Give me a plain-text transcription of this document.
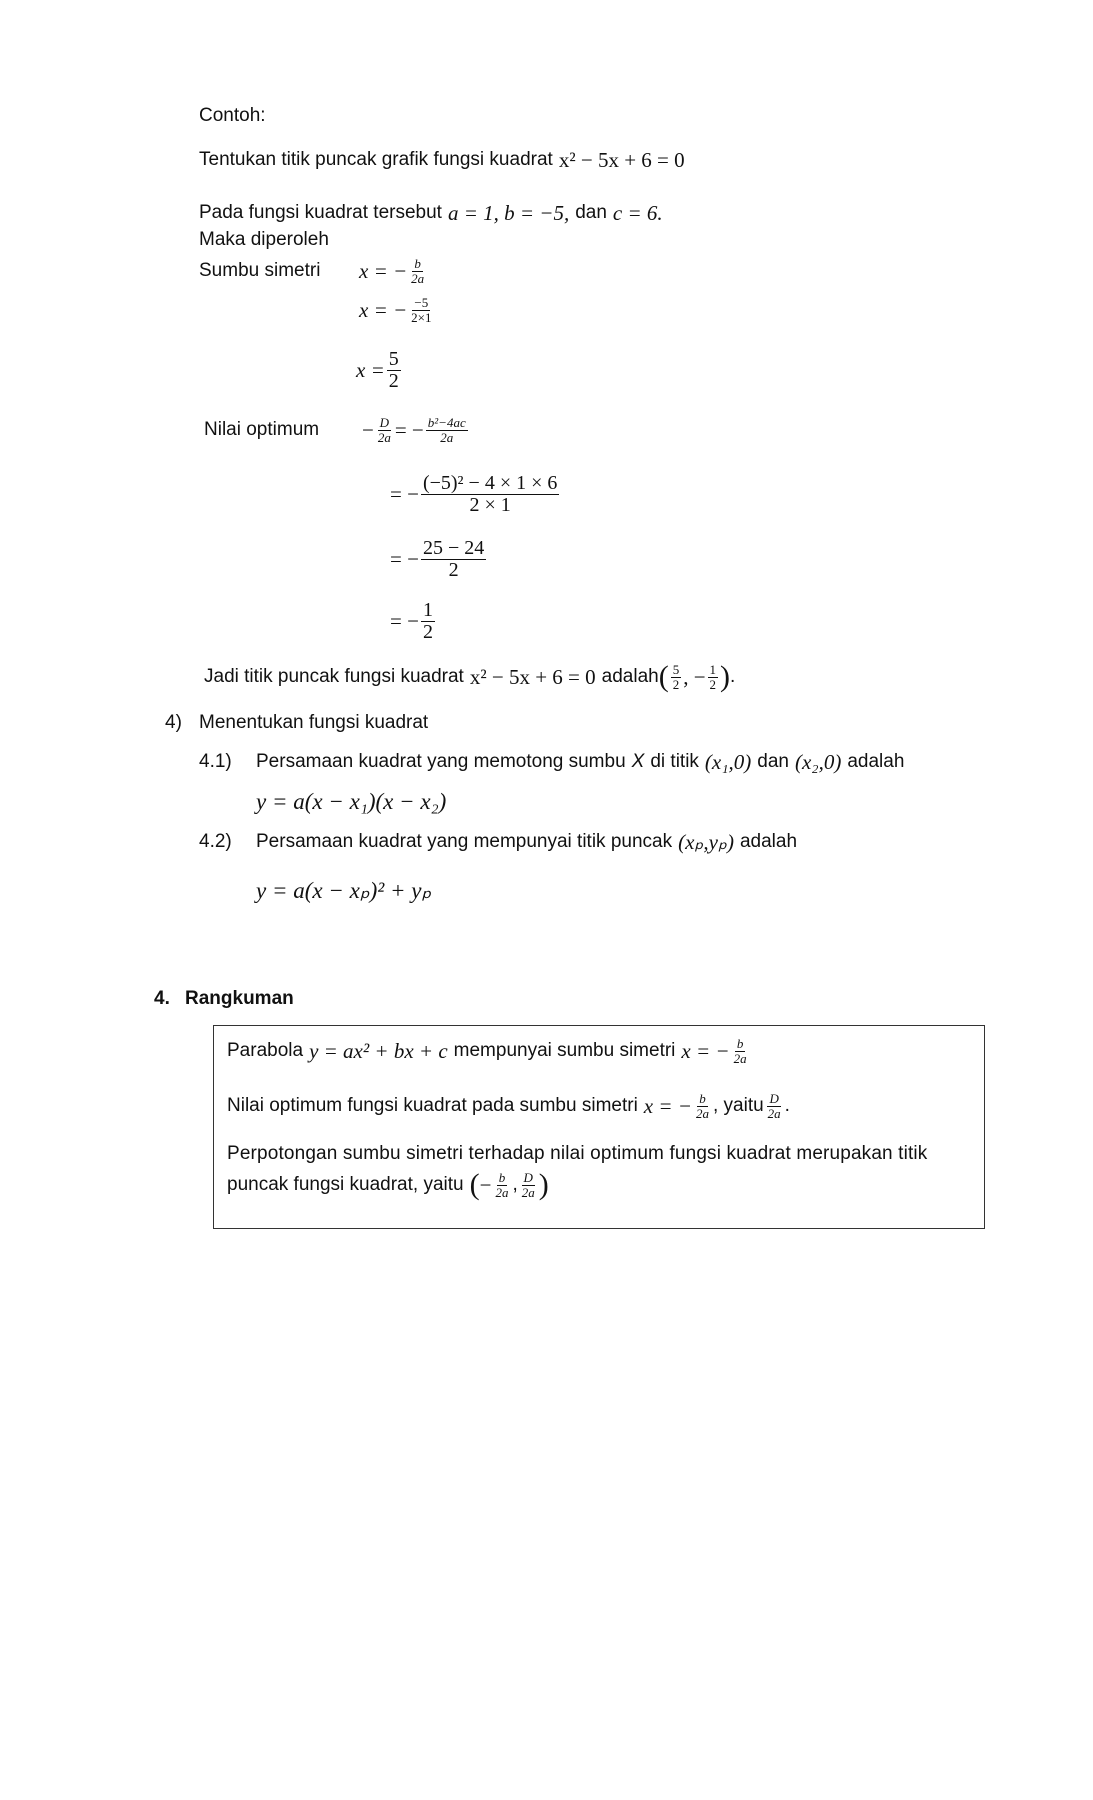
Contoh:
Tentukan titik puncak grafik fungsi kuadrat x² − 5x + 6 = 0
Pada fungsi kuadrat tersebut a = 1, b = −5, dan c = 6.
Maka diperoleh
Sumbu simetri x = − $\frac{b}{2a}$
x = − $\frac{-5}{2\times 1}$
$x = \frac{5}{2}$
Nilai optimum − $\frac{D}{2a}$ = − $\frac{\text{b²−4ac}}{2a}$
= − $\frac{\text{(−5)² − 4 × 1 × 6}}{2 \times 1}$
= − $\frac{25 - 24}{2}$
= − $\frac{1}{2}$
Jadi titik puncak fungsi kuadrat x² − 5x + 6 = 0 adalah ( $\frac{5}{2}$ , − $\frac{1}{2}$ ) .
4) Menentukan fungsi kuadrat
4.1)	Persamaan kuadrat yang memotong sumbu X di titik (x₁,0) dan (x₂,0) adalah
y = a(x − x₁)(x − x₂)
4.2)	Persamaan kuadrat yang mempunyai titik puncak (xₚ,yₚ) adalah
y = a(x − xₚ)² + yₚ
4. Rangkuman
Parabola y = ax² + bx + c mempunyai sumbu simetri x = − $\frac{b}{2a}$
Nilai optimum fungsi kuadrat pada sumbu simetri x = − $\frac{b}{2a}$ , yaitu $\frac{D}{2a}$ .
Perpotongan sumbu simetri terhadap nilai optimum fungsi kuadrat merupakan titik
puncak fungsi kuadrat, yaitu ( − $\frac{b}{2a}$ , $\frac{D}{2a}$ )
